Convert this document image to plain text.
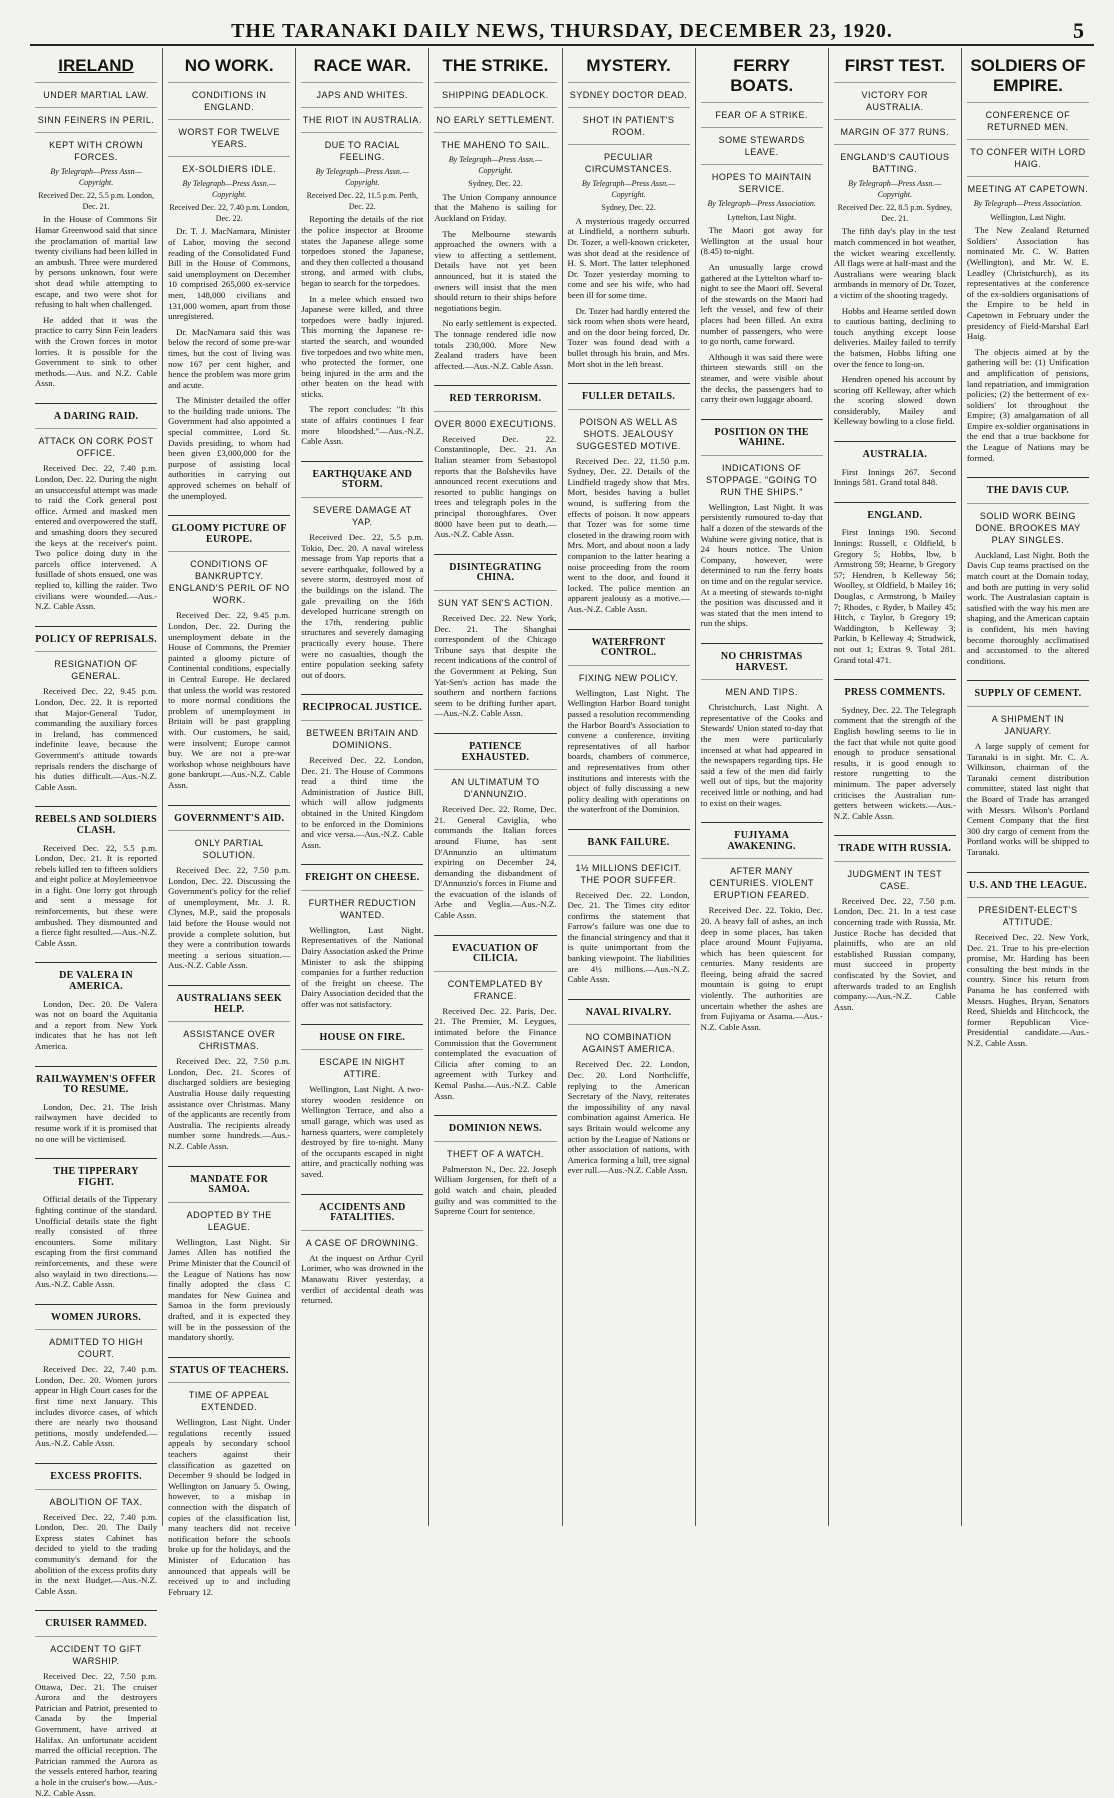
THE TARANAKI DAILY NEWS, THURSDAY, DECEMBER 23, 1920.	5
IRELAND
UNDER MARTIAL LAW.
SINN FEINERS IN PERIL.
KEPT WITH CROWN FORCES.
By Telegraph—Press Assn—Copyright.
Received Dec. 22, 5.5 p.m. London, Dec. 21.

In the House of Commons Sir Hamar Greenwood said that since the proclamation of martial law twenty civilians had been killed in an ambush. Three were murdered by persons unknown, four were shot dead while attempting to escape, and two were shot for refusing to halt when challenged.

He added that it was the practice to carry Sinn Fein leaders with the Crown forces in motor lorries. It is possible for the Government to sink to other methods.—Aus. and N.Z. Cable Assn.

A DARING RAID.
ATTACK ON CORK POST OFFICE.

Received Dec. 22, 7.40 p.m. London, Dec. 22. During the night an unsuccessful attempt was made to raid the Cork general post office. Armed and masked men entered and overpowered the staff, and smashing doors they secured the keys at the receiver's point. Two police doing duty in the parcels office intervened. A fusillade of shots ensued, one was replied to, killing the raider. Two civilians were wounded.—Aus.-N.Z. Cable Assn.

POLICY OF REPRISALS.
RESIGNATION OF GENERAL.

Received Dec. 22, 9.45 p.m. London, Dec. 22. It is reported that Major-General Tudor, commanding the auxiliary forces in Ireland, has commenced indefinite leave, because the Government's attitude towards reprisals renders the discharge of his duties difficult.—Aus.-N.Z. Cable Assn.

REBELS AND SOLDIERS CLASH.

Received Dec. 22, 5.5 p.m. London, Dec. 21. It is reported rebels killed ten to fifteen soldiers and eight police at Moylemeenvoe in a fight. One lorry got through and sent a message for reinforcements, but these were ambushed. They dismounted and a fierce fight resulted.—Aus.-N.Z. Cable Assn.

DE VALERA IN AMERICA.

London, Dec. 20. De Valera was not on board the Aquitania and a report from New York indicates that he has not left America.

RAILWAYMEN'S OFFER TO RESUME.

London, Dec. 21. The Irish railwaymen have decided to resume work if it is promised that no one will be victimised.

THE TIPPERARY FIGHT.

Official details of the Tipperary fighting continue of the standard. Unofficial details state the fight really consisted of three encounters. Some military escaping from the first command reinforcements, and these were also waylaid in two directions.—Aus.-N.Z. Cable Assn.

WOMEN JURORS.
ADMITTED TO HIGH COURT.

Received Dec. 22, 7.40 p.m. London, Dec. 20. Women jurors appear in High Court cases for the first time next January. This includes divorce cases, of which there are nearly two thousand petitions, mostly undefended.—Aus.-N.Z. Cable Assn.

EXCESS PROFITS.
ABOLITION OF TAX.

Received Dec. 22, 7.40 p.m. London, Dec. 20. The Daily Express states Cabinet has decided to yield to the trading community's demand for the abolition of the excess profits duty in the next Budget.—Aus.-N.Z. Cable Assn.

CRUISER RAMMED.
ACCIDENT TO GIFT WARSHIP.

Received Dec. 22, 7.50 p.m. Ottawa, Dec. 21. The cruiser Aurora and the destroyers Patrician and Patriot, presented to Canada by the Imperial Government, have arrived at Halifax. An unfortunate accident marred the official reception. The Patrician rammed the Aurora as the vessels entered harbor, tearing a hole in the cruiser's bow.—Aus.-N.Z. Cable Assn.

NO WORK.
CONDITIONS IN ENGLAND.
WORST FOR TWELVE YEARS.
EX-SOLDIERS IDLE.
By Telegraph—Press Assn.—Copyright.
Received Dec. 22, 7.40 p.m. London, Dec. 22.

Dr. T. J. MacNamara, Minister of Labor, moving the second reading of the Consolidated Fund Bill in the House of Commons, said unemployment on December 10 comprised 265,000 ex-service men, 148,000 civilians and 131,000 women, apart from those unregistered.

Dr. MacNamara said this was below the record of some pre-war times, but the cost of living was now 167 per cent higher, and hence the problem was more grim and acute.

The Minister detailed the offer to the building trade unions. The Government had also appointed a special committee, Lord St. Davids presiding, to whom had been given £3,000,000 for the purpose of assisting local authorities in carrying out approved schemes on behalf of the unemployed.

GLOOMY PICTURE OF EUROPE.
CONDITIONS OF BANKRUPTCY. ENGLAND'S PERIL OF NO WORK.

Received Dec. 22, 9.45 p.m. London, Dec. 22. During the unemployment debate in the House of Commons, the Premier painted a gloomy picture of Continental conditions, especially in Central Europe. He declared that unless the world was restored to more normal conditions the problem of unemployment in Britain will be past grappling with. Our customers, he said, were insolvent; Europe cannot buy. We are not a pre-war workshop whose neighbours have gone bankrupt.—Aus.-N.Z. Cable Assn.

GOVERNMENT'S AID.
ONLY PARTIAL SOLUTION.

Received Dec. 22, 7.50 p.m. London, Dec. 22. Discussing the Government's policy for the relief of unemployment, Mr. J. R. Clynes, M.P., said the proposals laid before the House would not provide a complete solution, but they were a contribution towards meeting a serious situation.—Aus.-N.Z. Cable Assn.

AUSTRALIANS SEEK HELP.
ASSISTANCE OVER CHRISTMAS.

Received Dec. 22, 7.50 p.m. London, Dec. 21. Scores of discharged soldiers are besieging Australia House daily requesting assistance over Christmas. Many of the applicants are recently from Australia. The recipients already number some hundreds.—Aus.-N.Z. Cable Assn.

MANDATE FOR SAMOA.
ADOPTED BY THE LEAGUE.

Wellington, Last Night. Sir James Allen has notified the Prime Minister that the Council of the League of Nations has now finally adopted the class C mandates for New Guinea and Samoa in the form previously drafted, and it is expected they will be in the possession of the mandatory shortly.

STATUS OF TEACHERS.
TIME OF APPEAL EXTENDED.

Wellington, Last Night. Under regulations recently issued appeals by secondary school teachers against their classification as gazetted on December 9 should be lodged in Wellington on January 5. Owing, however, to a mishap in connection with the dispatch of copies of the classification list, many teachers did not receive notification before the schools broke up for the holidays, and the Minister of Education has announced that appeals will be received up to and including February 12.

RACE WAR.
JAPS AND WHITES.
THE RIOT IN AUSTRALIA.
DUE TO RACIAL FEELING.
By Telegraph—Press Assn.—Copyright.
Received Dec. 22, 11.5 p.m. Perth, Dec. 22.

Reporting the details of the riot the police inspector at Broome states the Japanese allege some torpedoes stoned the Japanese, and they then collected a thousand strong, and armed with clubs, began to search for the torpedoes.

In a melee which ensued two Japanese were killed, and three torpedoes were badly injured. This morning the Japanese re-started the search, and wounded five torpedoes and two white men, who protected the former, one being injured in the arm and the other beaten on the head with sticks.

The report concludes: "It this state of affairs continues I fear more bloodshed."—Aus.-N.Z. Cable Assn.

EARTHQUAKE AND STORM.
SEVERE DAMAGE AT YAP.

Received Dec. 22, 5.5 p.m. Tokio, Dec. 20. A naval wireless message from Yap reports that a severe earthquake, followed by a severe storm, destroyed most of the buildings on the island. The gale prevailing on the 16th developed hurricane strength on the 17th, rendering public structures and severely damaging practically every house. There were no casualties, though the entire population seeking safety out of doors.

RECIPROCAL JUSTICE.
BETWEEN BRITAIN AND DOMINIONS.

Received Dec. 22. London, Dec. 21. The House of Commons read a third time the Administration of Justice Bill, which will allow judgments obtained in the United Kingdom to be enforced in the Dominions and vice versa.—Aus.-N.Z. Cable Assn.

FREIGHT ON CHEESE.
FURTHER REDUCTION WANTED.

Wellington, Last Night. Representatives of the National Dairy Association asked the Prime Minister to ask the shipping companies for a further reduction of the freight on cheese. The Dairy Association decided that the offer was not satisfactory.

HOUSE ON FIRE.
ESCAPE IN NIGHT ATTIRE.

Wellington, Last Night. A two-storey wooden residence on Wellington Terrace, and also a small garage, which was used as harness quarters, were completely destroyed by fire to-night. Many of the occupants escaped in night attire, and practically nothing was saved.

ACCIDENTS AND FATALITIES.
A CASE OF DROWNING.

At the inquest on Arthur Cyril Lorimer, who was drowned in the Manawatu River yesterday, a verdict of accidental death was returned.

THE STRIKE.
SHIPPING DEADLOCK.
NO EARLY SETTLEMENT.
THE MAHENO TO SAIL.
By Telegraph—Press Assn.—Copyright.
Sydney, Dec. 22.

The Union Company announce that the Maheno is sailing for Auckland on Friday.

The Melbourne stewards approached the owners with a view to affecting a settlement. Details have not yet been announced, but it is stated the owners will insist that the men should return to their ships before negotiations begin.

No early settlement is expected. The tonnage rendered idle now totals 230,000. More New Zealand traders have been affected.—Aus.-N.Z. Cable Assn.

RED TERRORISM.
OVER 8000 EXECUTIONS.

Received Dec. 22. Constantinople, Dec. 21. An Italian steamer from Sebastopol reports that the Bolsheviks have announced recent executions and resorted to public hangings on trees and telegraph poles in the principal thoroughfares. Over 8000 have been put to death.—Aus.-N.Z. Cable Assn.

DISINTEGRATING CHINA.
SUN YAT SEN'S ACTION.

Received Dec. 22. New York, Dec. 21. The Shanghai correspondent of the Chicago Tribune says that despite the recent indications of the control of the Government at Peking, Sun Yat-Sen's action has made the southern and northern factions seem to be drifting further apart.—Aus.-N.Z. Cable Assn.

PATIENCE EXHAUSTED.
AN ULTIMATUM TO D'ANNUNZIO.

Received Dec. 22. Rome, Dec. 21. General Caviglia, who commands the Italian forces around Fiume, has sent D'Annunzio an ultimatum expiring on December 24, demanding the disbandment of D'Annunzio's forces in Fiume and the evacuation of the islands of Arbe and Veglia.—Aus.-N.Z. Cable Assn.

EVACUATION OF CILICIA.
CONTEMPLATED BY FRANCE.

Received Dec. 22. Paris, Dec. 21. The Premier, M. Leygues, intimated before the Finance Commission that the Government contemplated the evacuation of Cilicia after coming to an agreement with Turkey and Kemal Pasha.—Aus.-N.Z. Cable Assn.

DOMINION NEWS.
THEFT OF A WATCH.

Palmerston N., Dec. 22. Joseph William Jorgensen, for theft of a gold watch and chain, pleaded guilty and was committed to the Supreme Court for sentence.

MYSTERY.
SYDNEY DOCTOR DEAD.
SHOT IN PATIENT'S ROOM.
PECULIAR CIRCUMSTANCES.
By Telegraph—Press Assn.—Copyright.
Sydney, Dec. 22.

A mysterious tragedy occurred at Lindfield, a northern suburb. Dr. Tozer, a well-known cricketer, was shot dead at the residence of H. S. Mort. The latter telephoned Dr. Tozer yesterday morning to come and see his wife, who had been ill for some time.

Dr. Tozer had hardly entered the sick room when shots were heard, and on the door being forced, Dr. Tozer was found dead with a bullet through his brain, and Mrs. Mort shot in the left breast.

FULLER DETAILS.
POISON AS WELL AS SHOTS. JEALOUSY SUGGESTED MOTIVE.

Received Dec. 22, 11.50 p.m. Sydney, Dec. 22. Details of the Lindfield tragedy show that Mrs. Mort, besides having a bullet wound, is suffering from the effects of poison. It now appears that Tozer was for some time closeted in the drawing room with Mrs. Mort, and about noon a lady companion to the latter hearing a noise proceeding from the room went to the door, and found it locked. The police mention an apparent jealousy as a motive.—Aus.-N.Z. Cable Assn.

WATERFRONT CONTROL.
FIXING NEW POLICY.

Wellington, Last Night. The Wellington Harbor Board tonight passed a resolution recommending the Harbor Board's Association to convene a conference, inviting representatives of all harbor boards, chambers of commerce, and representatives from other institutions and interests with the object of fully discussing a new policy dealing with operations on the waterfront of the Dominion.

BANK FAILURE.
1½ MILLIONS DEFICIT. THE POOR SUFFER.

Received Dec. 22. London, Dec. 21. The Times city editor confirms the statement that Farrow's failure was one due to the financial stringency and that it is quite unimportant from the banking viewpoint. The liabilities are 4½ millions.—Aus.-N.Z. Cable Assn.

NAVAL RIVALRY.
NO COMBINATION AGAINST AMERICA.

Received Dec. 22. London, Dec. 20. Lord Northcliffe, replying to the American Secretary of the Navy, reiterates the impossibility of any naval combination against America. He says Britain would welcome any action by the League of Nations or other association of nations, with America forming a lull, tree signal ever rull.—Aus.-N.Z. Cable Assn.

FERRY BOATS.
FEAR OF A STRIKE.
SOME STEWARDS LEAVE.
HOPES TO MAINTAIN SERVICE.
By Telegraph—Press Association.
Lyttelton, Last Night.

The Maori got away for Wellington at the usual hour (8.45) to-night.

An unusually large crowd gathered at the Lyttelton wharf to-night to see the Maori off. Several of the stewards on the Maori had left the vessel, and few of their places had been filled. An extra number of passengers, who were to go north, came forward.

Although it was said there were thirteen stewards still on the steamer, and were visible about the decks, the passengers had to carry their own luggage aboard.

POSITION ON THE WAHINE.
INDICATIONS OF STOPPAGE. "GOING TO RUN THE SHIPS."

Wellington, Last Night. It was persistently rumoured to-day that half a dozen of the stewards of the Wahine were giving notice, that is 24 hours notice. The Union Company, however, were determined to run the ferry boats on time and on the regular service. At a meeting of stewards to-night the position was discussed and it was stated that the men intend to run the ships.

NO CHRISTMAS HARVEST.
MEN AND TIPS.

Christchurch, Last Night. A representative of the Cooks and Stewards' Union stated to-day that the men were particularly incensed at what had appeared in the newspapers regarding tips. He said a few of the men did fairly well out of tips, but the majority received little or nothing, and had to exist on their wages.

FUJIYAMA AWAKENING.
AFTER MANY CENTURIES. VIOLENT ERUPTION FEARED.

Received Dec. 22. Tokio, Dec. 20. A heavy fall of ashes, an inch deep in some places, has taken place around Mount Fujiyama, which has been quiescent for centuries. Many residents are fleeing, being afraid the sacred mountain is going to erupt violently. The authorities are uncertain whether the ashes are from Fujiyama or Asama.—Aus.-N.Z. Cable Assn.

FIRST TEST.
VICTORY FOR AUSTRALIA.
MARGIN OF 377 RUNS.
ENGLAND'S CAUTIOUS BATTING.
By Telegraph—Press Assn.—Copyright.
Received Dec. 22, 8.5 p.m. Sydney, Dec. 21.

The fifth day's play in the test match commenced in hot weather, the wicket wearing excellently. All flags were at half-mast and the Australians were wearing black armbands in memory of Dr. Tozer, a victim of the shooting tragedy.

Hobbs and Hearne settled down to cautious batting, declining to touch anything except loose deliveries. Mailey failed to terrify the batsmen, Hobbs lifting one over the fence to long-on.

Hendren opened his account by scoring off Kelleway, after which the scoring slowed down considerably, Mailey and Kelleway bowling to a close field.

AUSTRALIA.

First Innings 267. Second Innings 581. Grand total 848.

ENGLAND.

First Innings 190. Second Innings: Russell, c Oldfield, b Gregory 5; Hobbs, lbw, b Armstrong 59; Hearne, b Gregory 57; Hendren, b Kelleway 56; Woolley, st Oldfield, b Mailey 16; Douglas, c Armstrong, b Mailey 7; Rhodes, c Ryder, b Mailey 45; Hitch, c Taylor, b Gregory 19; Waddington, b Kelleway 3; Parkin, b Kelleway 4; Strudwick, not out 1; Extras 9. Total 281. Grand total 471.

PRESS COMMENTS.

Sydney, Dec. 22. The Telegraph comment that the strength of the English bowling seems to lie in the fact that while not quite good enough to produce sensational results, it is good enough to restore rungetting to the minimum. The paper adversely criticises the Australian run-getters between wickets.—Aus.-N.Z. Cable Assn.

TRADE WITH RUSSIA.
JUDGMENT IN TEST CASE.

Received Dec. 22, 7.50 p.m. London, Dec. 21. In a test case concerning trade with Russia, Mr. Justice Roche has decided that plaintiffs, who are an old established Russian company, must succeed in property confiscated by the Soviet, and afterwards traded to an English company.—Aus.-N.Z. Cable Assn.

SOLDIERS OF EMPIRE.
CONFERENCE OF RETURNED MEN.
TO CONFER WITH LORD HAIG.
MEETING AT CAPETOWN.
By Telegraph—Press Association.
Wellington, Last Night.

The New Zealand Returned Soldiers' Association has nominated Mr. C. W. Batten (Wellington), and Mr. W. E. Leadley (Christchurch), as its representatives at the conference of the ex-soldiers organisations of the Empire to be held in Capetown in February under the presidency of Field-Marshal Earl Haig.

The objects aimed at by the gathering will be: (1) Unification and amplification of pensions, land repatriation, and immigration policies; (2) the betterment of ex-soldiers' lot throughout the Empire; (3) amalgamation of all Empire ex-soldier organisations in the end that a true backbone for the League of Nations may be formed.

THE DAVIS CUP.
SOLID WORK BEING DONE. BROOKES MAY PLAY SINGLES.

Auckland, Last Night. Both the Davis Cup teams practised on the match court at the Domain today, and both are putting in very solid work. The Australasian captain is satisfied with the way his men are shaping, and the American captain is confident, his men having become thoroughly acclimatised and accustomed to the altered conditions.

SUPPLY OF CEMENT.
A SHIPMENT IN JANUARY.

A large supply of cement for Taranaki is in sight. Mr. C. A. Wilkinson, chairman of the Taranaki cement distribution committee, stated last night that the Board of Trade has arranged with Messrs. Wilson's Portland Cement Company that the first 300 dry cargo of cement from the Portland works will be shipped to Taranaki.

U.S. AND THE LEAGUE.
PRESIDENT-ELECT'S ATTITUDE.

Received Dec. 22. New York, Dec. 21. True to his pre-election promise, Mr. Harding has been consulting the best minds in the country. Since his return from Panama he has conferred with Messrs. Hughes, Bryan, Senators Reed, Shields and Hitchcock, the former Republican Vice-Presidential candidate.—Aus.-N.Z. Cable Assn.
